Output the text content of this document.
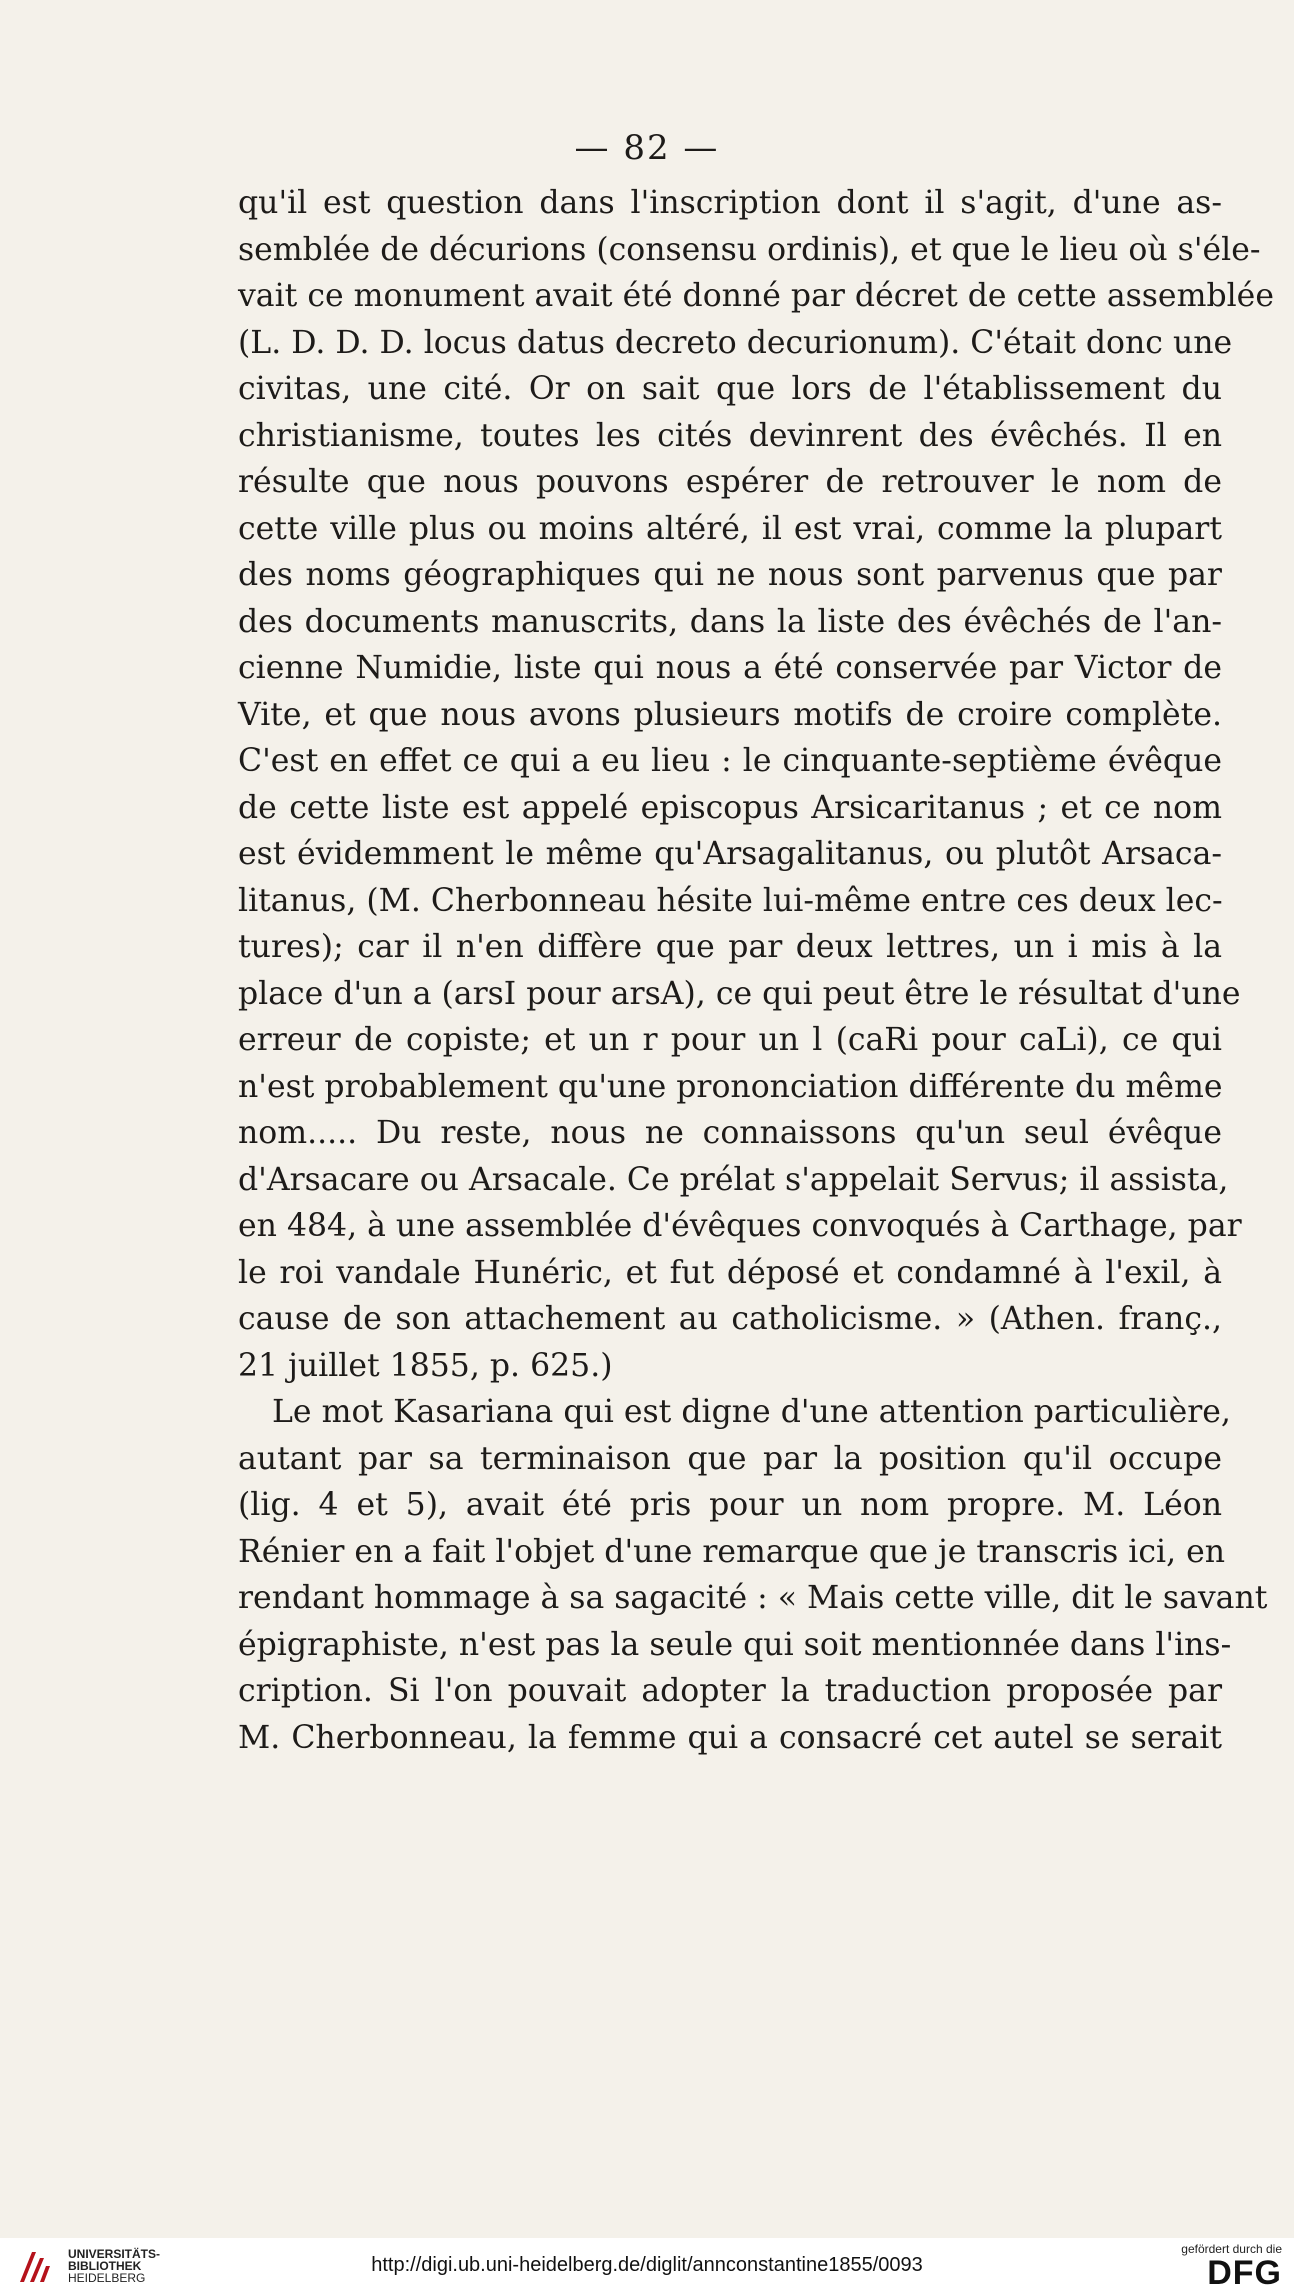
— 82 —
qu'il est question dans l'inscription dont il s'agit, d'une as-
semblée de décurions (consensu ordinis), et que le lieu où s'éle-
vait ce monument avait été donné par décret de cette assemblée
(L. D. D. D. locus datus decreto decurionum). C'était donc une
civitas, une cité. Or on sait que lors de l'établissement du
christianisme, toutes les cités devinrent des évêchés. Il en
résulte que nous pouvons espérer de retrouver le nom de
cette ville plus ou moins altéré, il est vrai, comme la plupart
des noms géographiques qui ne nous sont parvenus que par
des documents manuscrits, dans la liste des évêchés de l'an-
cienne Numidie, liste qui nous a été conservée par Victor de
Vite, et que nous avons plusieurs motifs de croire complète.
C'est en effet ce qui a eu lieu : le cinquante-septième évêque
de cette liste est appelé episcopus Arsicaritanus ; et ce nom
est évidemment le même qu'Arsagalitanus, ou plutôt Arsaca-
litanus, (M. Cherbonneau hésite lui-même entre ces deux lec-
tures); car il n'en diffère que par deux lettres, un i mis à la
place d'un a (arsI pour arsA), ce qui peut être le résultat d'une
erreur de copiste; et un r pour un l (caRi pour caLi), ce qui
n'est probablement qu'une prononciation différente du même
nom..... Du reste, nous ne connaissons qu'un seul évêque
d'Arsacare ou Arsacale. Ce prélat s'appelait Servus; il assista,
en 484, à une assemblée d'évêques convoqués à Carthage, par
le roi vandale Hunéric, et fut déposé et condamné à l'exil, à
cause de son attachement au catholicisme. » (Athen. franç.,
21 juillet 1855, p. 625.)
Le mot Kasariana qui est digne d'une attention particulière,
autant par sa terminaison que par la position qu'il occupe
(lig. 4 et 5), avait été pris pour un nom propre. M. Léon
Rénier en a fait l'objet d'une remarque que je transcris ici, en
rendant hommage à sa sagacité : « Mais cette ville, dit le savant
épigraphiste, n'est pas la seule qui soit mentionnée dans l'ins-
cription. Si l'on pouvait adopter la traduction proposée par
M. Cherbonneau, la femme qui a consacré cet autel se serait
UNIVERSITÄTS-
BIBLIOTHEK
HEIDELBERG
http://digi.ub.uni-heidelberg.de/diglit/annconstantine1855/0093
gefördert durch die
DFG
